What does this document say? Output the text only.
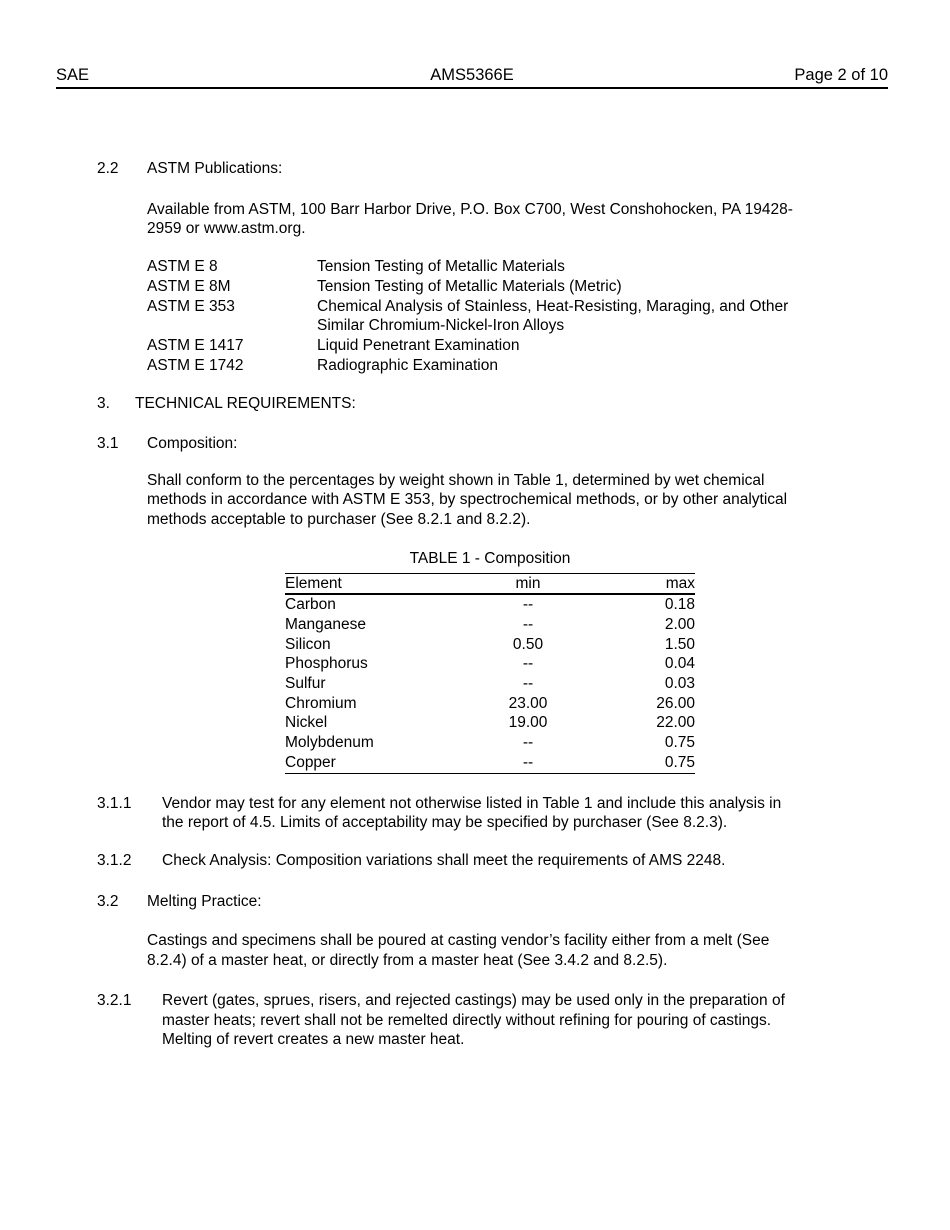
SAE	AMS5366E	Page 2 of 10
2.2	ASTM Publications:
Available from ASTM, 100 Barr Harbor Drive, P.O. Box C700, West Conshohocken, PA 19428-
2959 or www.astm.org.
ASTM E 8	Tension Testing of Metallic Materials
ASTM E 8M	Tension Testing of Metallic Materials (Metric)
ASTM E 353	Chemical Analysis of Stainless, Heat-Resisting, Maraging, and Other
Similar Chromium-Nickel-Iron Alloys
ASTM E 1417	Liquid Penetrant Examination
ASTM E 1742	Radiographic Examination
3.	TECHNICAL REQUIREMENTS:
3.1	Composition:
Shall conform to the percentages by weight shown in Table 1, determined by wet chemical
methods in accordance with ASTM E 353, by spectrochemical methods, or by other analytical
methods acceptable to purchaser (See 8.2.1 and 8.2.2).
TABLE 1 - Composition
Element	min	max
Carbon	--	0.18
Manganese	--	2.00
Silicon	0.50	1.50
Phosphorus	--	0.04
Sulfur	--	0.03
Chromium	23.00	26.00
Nickel	19.00	22.00
Molybdenum	--	0.75
Copper	--	0.75
3.1.1	Vendor may test for any element not otherwise listed in Table 1 and include this analysis in
the report of 4.5. Limits of acceptability may be specified by purchaser (See 8.2.3).
3.1.2	Check Analysis: Composition variations shall meet the requirements of AMS 2248.
3.2	Melting Practice:
Castings and specimens shall be poured at casting vendor’s facility either from a melt (See
8.2.4) of a master heat, or directly from a master heat (See 3.4.2 and 8.2.5).
3.2.1	Revert (gates, sprues, risers, and rejected castings) may be used only in the preparation of
master heats; revert shall not be remelted directly without refining for pouring of castings.
Melting of revert creates a new master heat.
